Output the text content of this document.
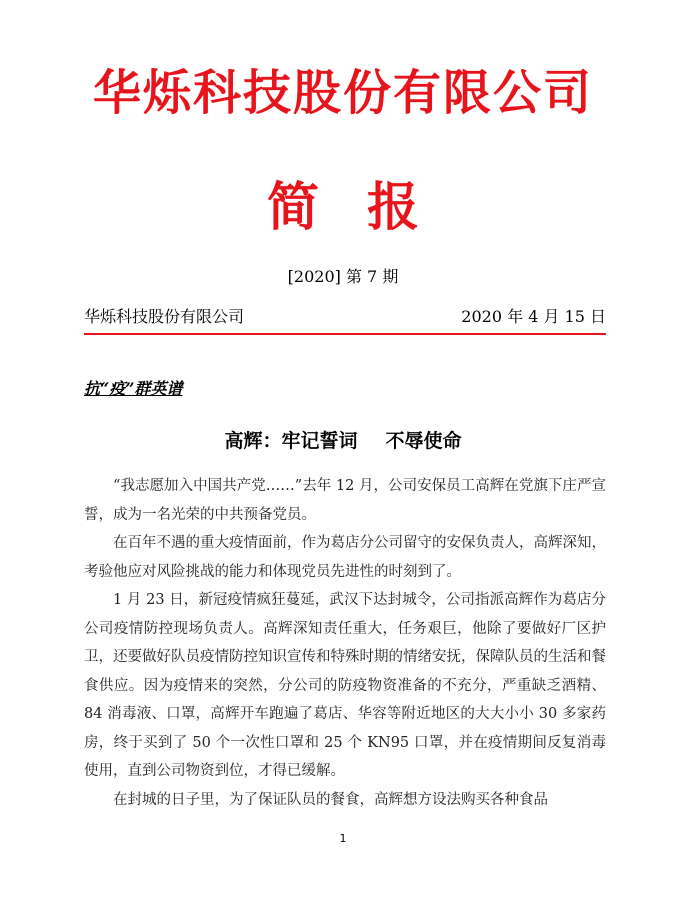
华烁科技股份有限公司
简 报
[2020] 第 7 期
华烁科技股份有限公司	2020 年 4 月 15 日
抗“疫”群英谱
高辉：牢记誓词 不辱使命

“我志愿加入中国共产党……”去年 12 月，公司安保员工高辉在党旗下庄严宣誓，成为一名光荣的中共预备党员。

在百年不遇的重大疫情面前，作为葛店分公司留守的安保负责人，高辉深知，考验他应对风险挑战的能力和体现党员先进性的时刻到了。

1 月 23 日，新冠疫情疯狂蔓延，武汉下达封城令，公司指派高辉作为葛店分公司疫情防控现场负责人。高辉深知责任重大，任务艰巨，他除了要做好厂区护卫，还要做好队员疫情防控知识宣传和特殊时期的情绪安抚，保障队员的生活和餐食供应。因为疫情来的突然，分公司的防疫物资准备的不充分，严重缺乏酒精、84 消毒液、口罩，高辉开车跑遍了葛店、华容等附近地区的大大小小 30 多家药房，终于买到了 50 个一次性口罩和 25 个 KN95 口罩，并在疫情期间反复消毒使用，直到公司物资到位，才得已缓解。

在封城的日子里，为了保证队员的餐食，高辉想方设法购买各种食品

1
